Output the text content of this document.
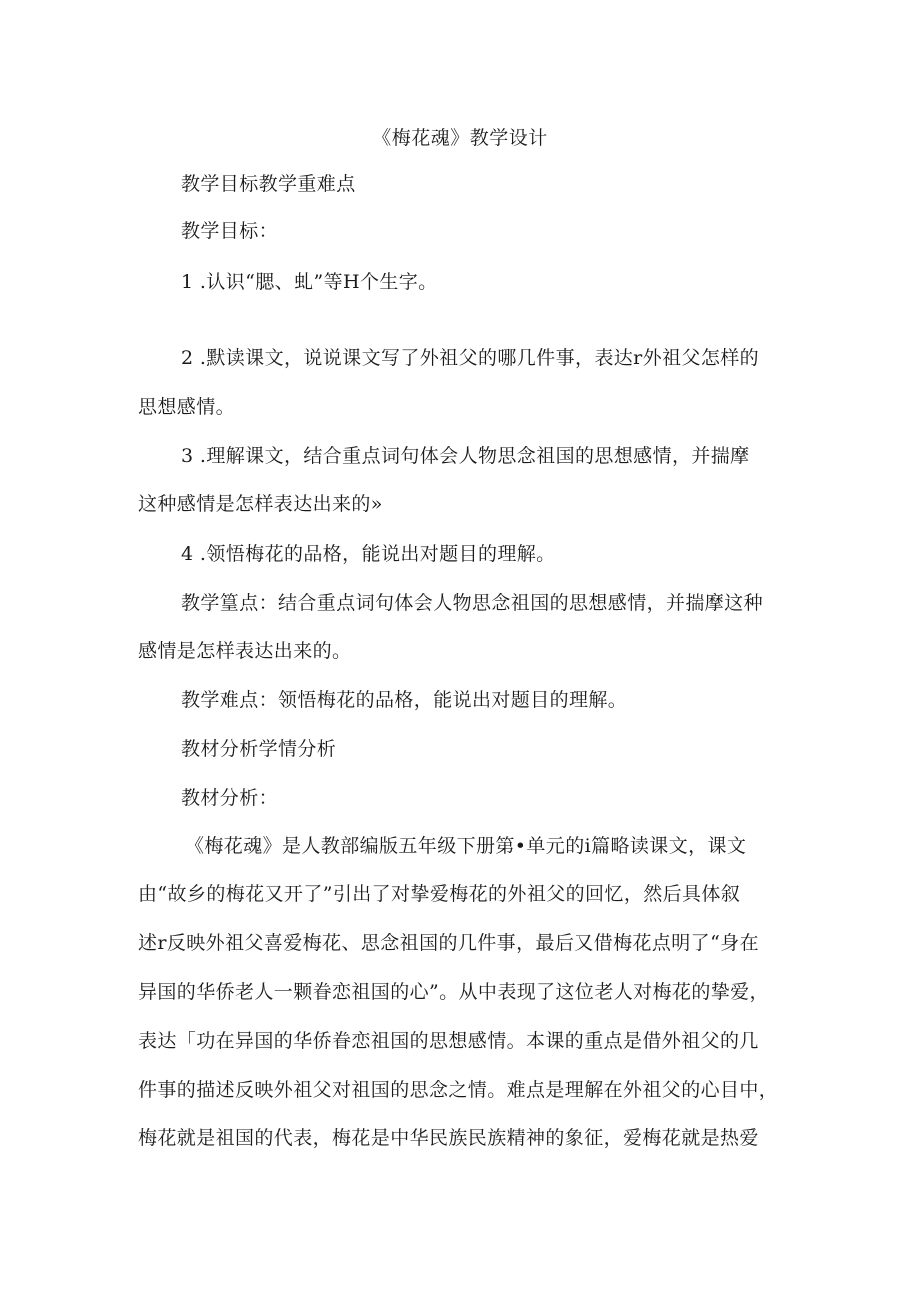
《梅花魂》教学设计
教学目标教学重难点
教学目标：
1 .认识“腮、虬”等H个生字。
2 .默读课文，说说课文写了外祖父的哪几件事，表达r外祖父怎样的
思想感情。
3 .理解课文，结合重点词句体会人物思念祖国的思想感情，并揣摩
这种感情是怎样表达出来的»
4 .领悟梅花的品格，能说出对题目的理解。
教学篁点：结合重点词句体会人物思念祖国的思想感情，并揣摩这种
感情是怎样表达出来的。
教学难点：领悟梅花的品格，能说出对题目的理解。
教材分析学情分析
教材分析：
《梅花魂》是人教部编版五年级下册第•单元的i篇略读课文，课文
由“故乡的梅花又开了”引出了对挚爱梅花的外祖父的回忆，然后具体叙
述r反映外祖父喜爱梅花、思念祖国的几件事，最后又借梅花点明了“身在
异国的华侨老人一颗眷恋祖国的心”。从中表现了这位老人对梅花的挚爱，
表达「功在异国的华侨眷恋祖国的思想感情。本课的重点是借外祖父的几
件事的描述反映外祖父对祖国的思念之情。难点是理解在外祖父的心目中，
梅花就是祖国的代表，梅花是中华民族民族精神的象征，爱梅花就是热爱
